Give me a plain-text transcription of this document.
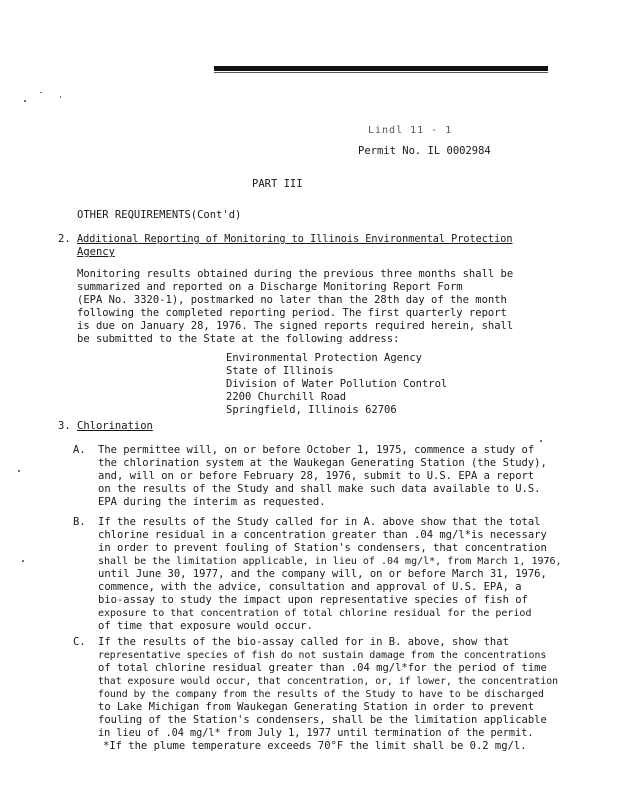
Lindl 11 - 1
Permit No. IL 0002984
PART III
OTHER REQUIREMENTS(Cont'd)
2. Additional Reporting of Monitoring to Illinois Environmental Protection
Agency
Monitoring results obtained during the previous three months shall be
summarized and reported on a Discharge Monitoring Report Form
(EPA No. 3320-1), postmarked no later than the 28th day of the month
following the completed reporting period. The first quarterly report
is due on January 28, 1976. The signed reports required herein, shall
be submitted to the State at the following address:
Environmental Protection Agency
State of Illinois
Division of Water Pollution Control
2200 Churchill Road
Springfield, Illinois 62706
3. Chlorination
A. The permittee will, on or before October 1, 1975, commence a study of
the chlorination system at the Waukegan Generating Station (the Study),
and, will on or before February 28, 1976, submit to U.S. EPA a report
on the results of the Study and shall make such data available to U.S.
EPA during the interim as requested.
B. If the results of the Study called for in A. above show that the total
chlorine residual in a concentration greater than .04 mg/l*is necessary
in order to prevent fouling of Station's condensers, that concentration
shall be the limitation applicable, in lieu of .04 mg/l*, from March 1, 1976,
until June 30, 1977, and the company will, on or before March 31, 1976,
commence, with the advice, consultation and approval of U.S. EPA, a
bio-assay to study the impact upon representative species of fish of
exposure to that concentration of total chlorine residual for the period
of time that exposure would occur.
C. If the results of the bio-assay called for in B. above, show that
representative species of fish do not sustain damage from the concentrations
of total chlorine residual greater than .04 mg/l*for the period of time
that exposure would occur, that concentration, or, if lower, the concentration
found by the company from the results of the Study to have to be discharged
to Lake Michigan from Waukegan Generating Station in order to prevent
fouling of the Station's condensers, shall be the limitation applicable
in lieu of .04 mg/l* from July 1, 1977 until termination of the permit.
*If the plume temperature exceeds 70°F the limit shall be 0.2 mg/l.
